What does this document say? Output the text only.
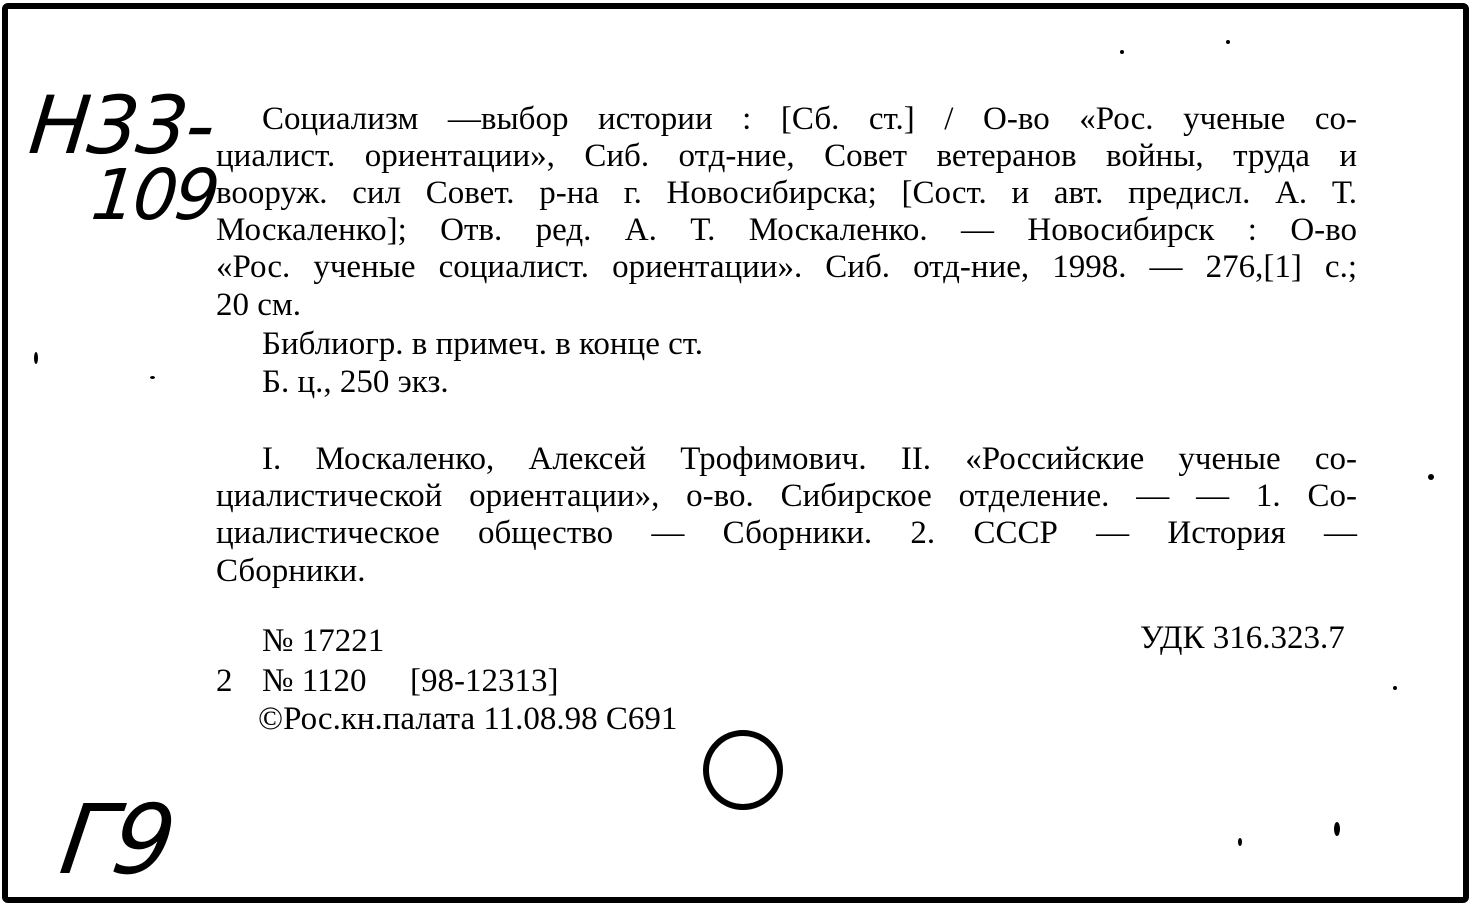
Н33-
109
Г9
Социализм —выбор истории : [Сб. ст.] / О-во «Рос. ученые со-
циалист. ориентации», Сиб. отд-ние, Совет ветеранов войны, труда и
вооруж. сил Совет. р-на г. Новосибирска; [Сост. и авт. предисл. А. Т.
Москаленко]; Отв. ред. А. Т. Москаленко. — Новосибирск : О-во
«Рос. ученые социалист. ориентации». Сиб. отд-ние, 1998. — 276,[1] с.;
20 см.
Библиогр. в примеч. в конце ст.
Б. ц., 250 экз.
I. Москаленко, Алексей Трофимович. II. «Российские ученые со-
циалистической ориентации», о-во. Сибирское отделение. — — 1. Со-
циалистическое общество — Сборники. 2. СССР — История —
Сборники.
№ 17221	УДК 316.323.7
2 № 1120 [98-12313]
©Рос.кн.палата 11.08.98 С691
